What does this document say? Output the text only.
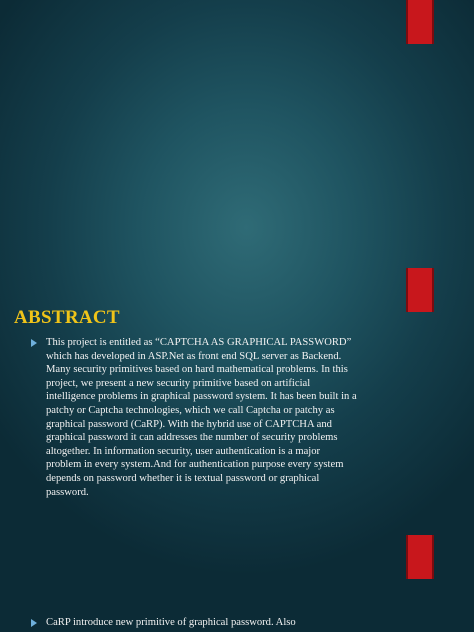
ABSTRACT
This project is entitled as “CAPTCHA AS GRAPHICAL PASSWORD” which has developed in ASP.Net as front end SQL server as Backend. Many security primitives based on hard mathematical problems. In this project, we present a new security primitive based on artificial intelligence problems in graphical password system. It has been built in a patchy or Captcha technologies, which we call Captcha or patchy as graphical password (CaRP). With the hybrid use of CAPTCHA and graphical password it can addresses the number of security problems altogether. In information security, user authentication is a major problem in every system.And for authentication purpose every system depends on password whether it is textual password or graphical password.
CaRP introduce new primitive of graphical password. Also
